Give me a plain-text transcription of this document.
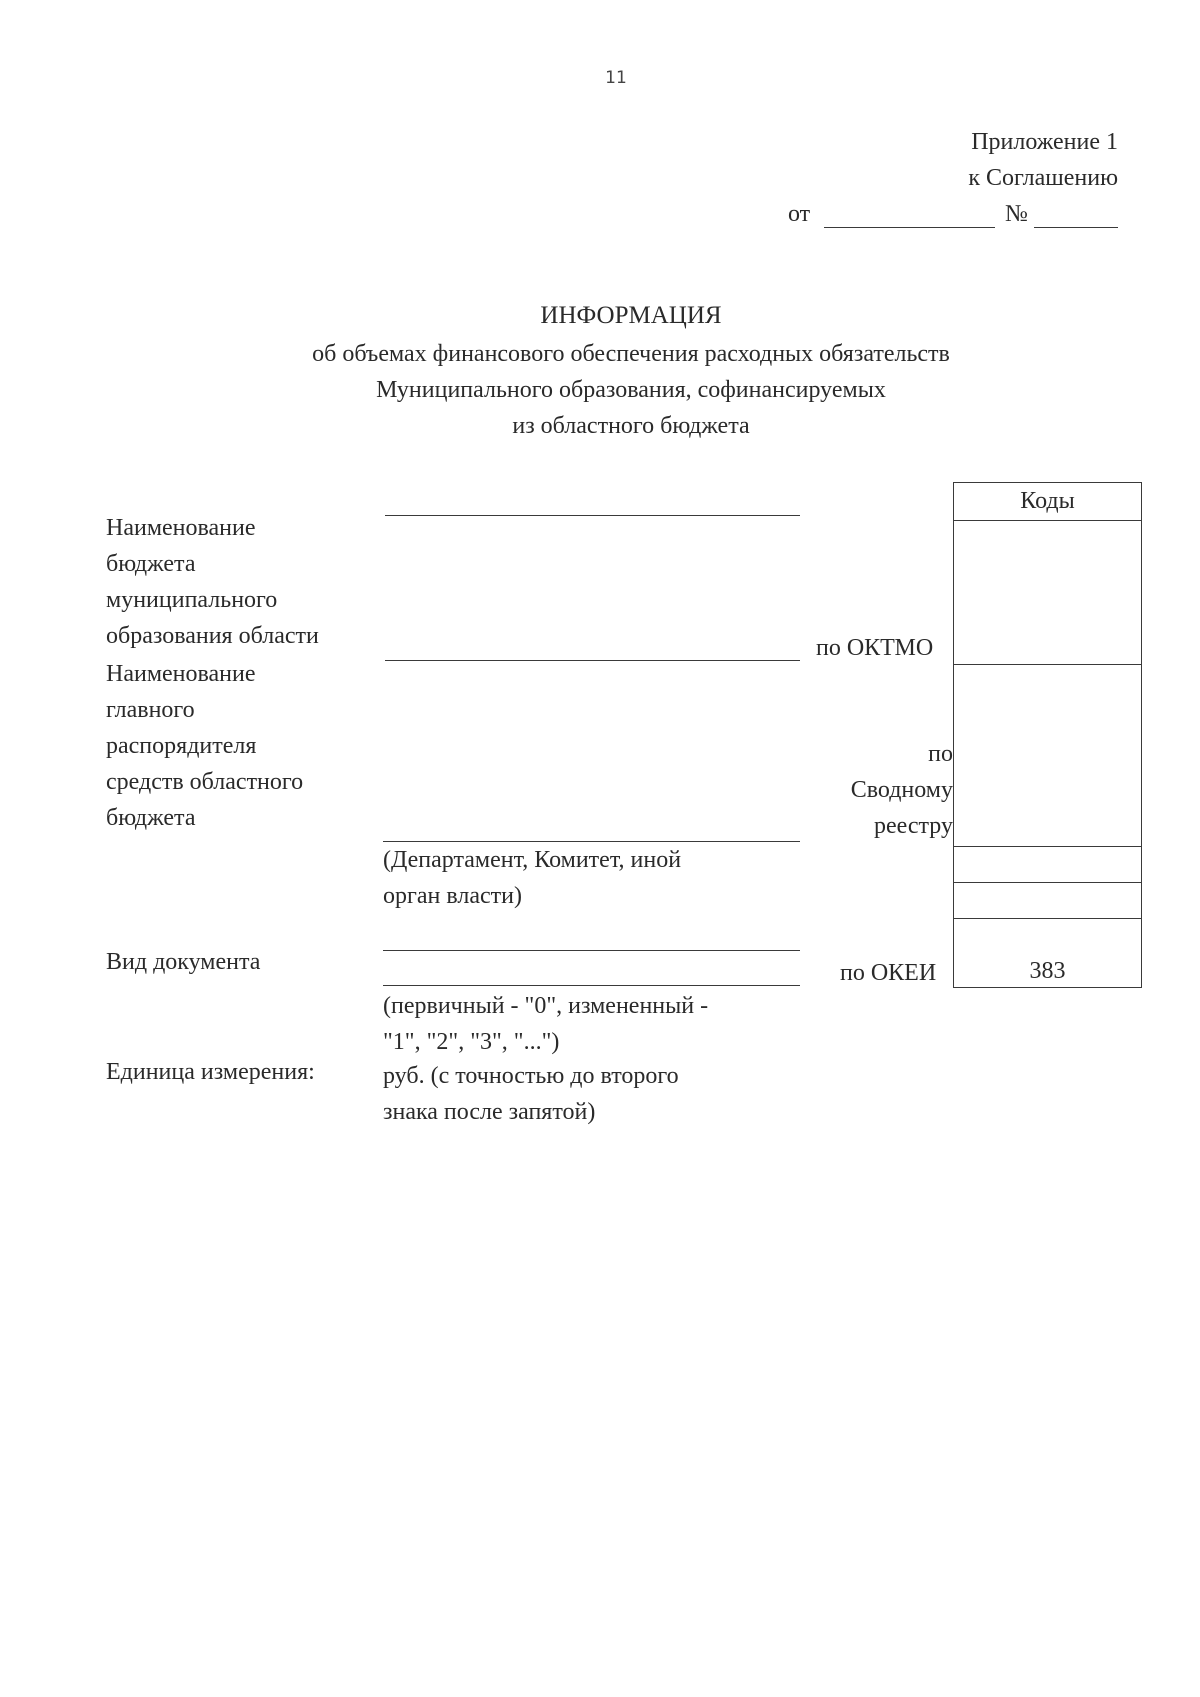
11
Приложение 1
к Соглашению
от	№
ИНФОРМАЦИЯ
об объемах финансового обеспечения расходных обязательств
Муниципального образования, софинансируемых
из областного бюджета
Наименование
бюджета
муниципального
образования области
Наименование
главного
распорядителя
средств областного
бюджета
(Департамент, Комитет, иной
орган власти)
Вид документа
(первичный - "0", измененный -
"1", "2", "3", "...")
Единица измерения:	руб. (с точностью до второго
знака после запятой)
по ОКТМО
по
Сводному
реестру
по ОКЕИ
Коды
383
